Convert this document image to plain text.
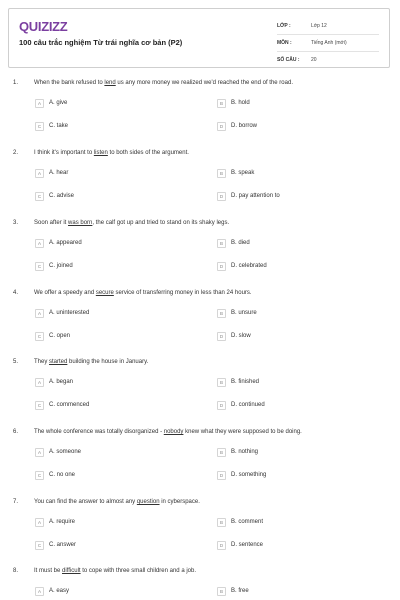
QUIZIZZ
100 câu trắc nghiệm Từ trái nghĩa cơ bản (P2)
LỚP :	Lớp 12
MÔN :	Tiếng Anh (mới)
SỐ CÂU :	20
1.	When the bank refused to lend us any more money we realized we'd reached the end of the road.
A	A. give	B	B. hold
C	C. take	D	D. borrow
2.	I think it's important to listen to both sides of the argument.
A	A. hear	B	B. speak
C	C. advise	D	D. pay attention to
3.	Soon after it was born, the calf got up and tried to stand on its shaky legs.
A	A. appeared	B	B. died
C	C. joined	D	D. celebrated
4.	We offer a speedy and secure service of transferring money in less than 24 hours.
A	A. uninterested	B	B. unsure
C	C. open	D	D. slow
5.	They started building the house in January.
A	A. began	B	B. finished
C	C. commenced	D	D. continued
6.	The whole conference was totally disorganized - nobody knew what they were supposed to be doing.
A	A. someone	B	B. nothing
C	C. no one	D	D. something
7.	You can find the answer to almost any question in cyberspace.
A	A. require	B	B. comment
C	C. answer	D	D. sentence
8.	It must be difficult to cope with three small children and a job.
A	A. easy	B	B. free
